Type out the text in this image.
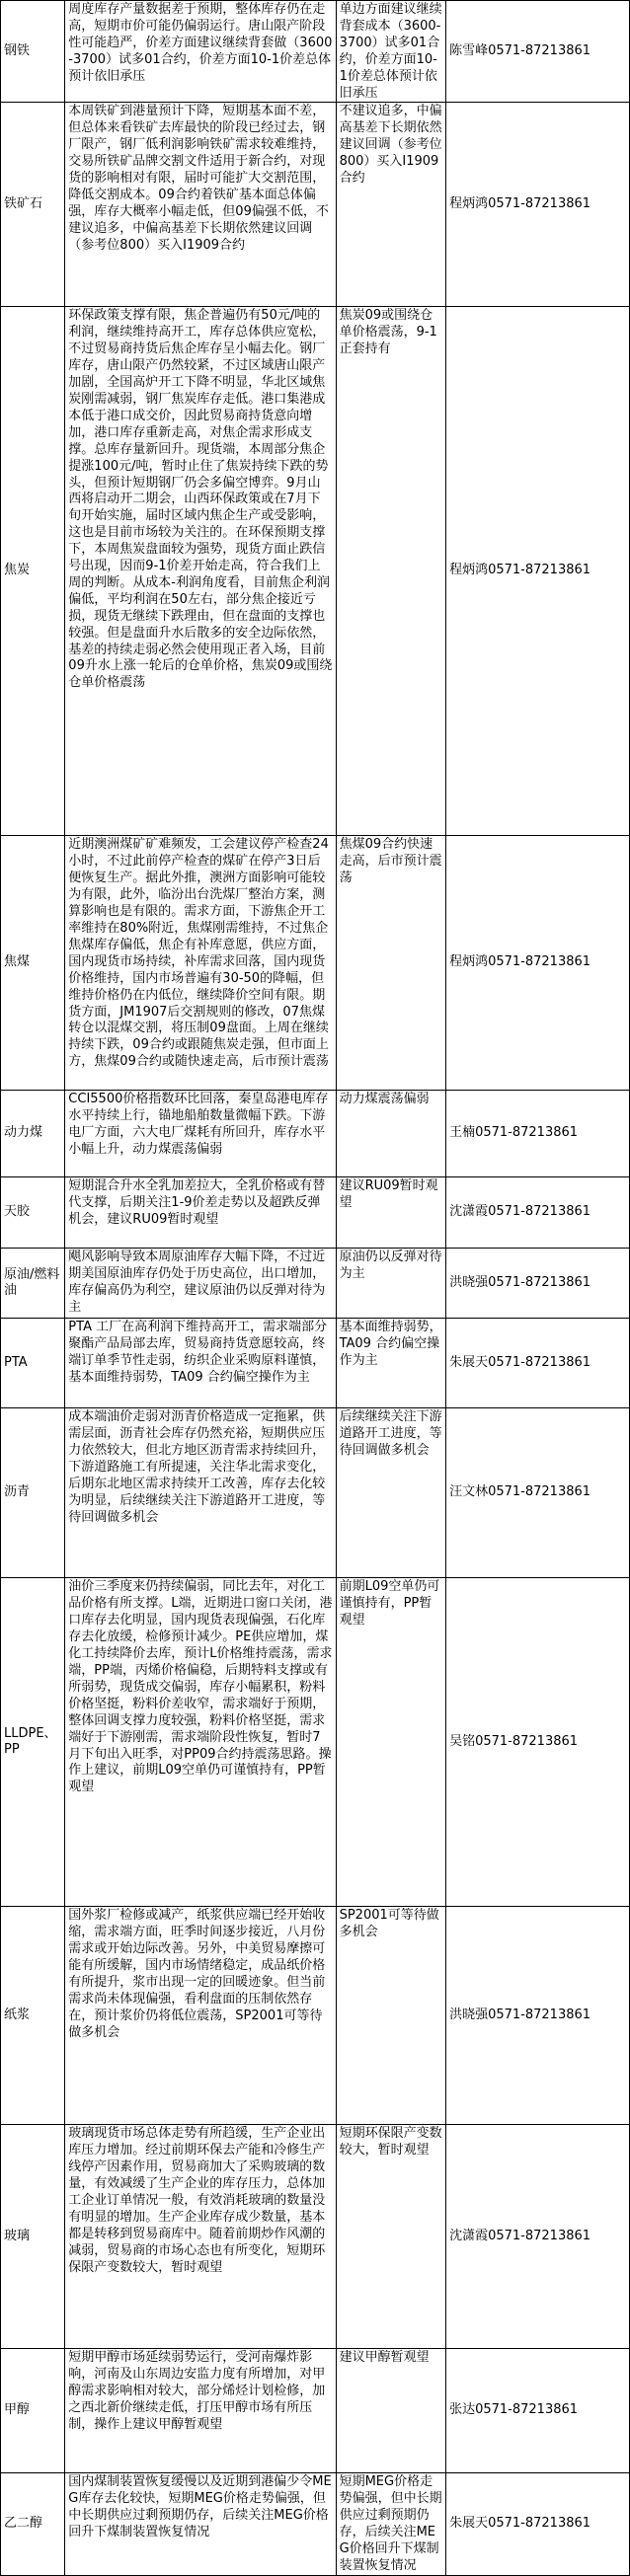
钢铁	周度库存产量数据差于预期，整体库存仍在走高，短期市价可能仍偏弱运行。唐山限产阶段性可能趋严，价差方面建议继续背套做（3600-3700）试多01合约，价差方面10-1价差总体预计依旧承压	单边方面建议继续背套成本（3600-3700）试多01合约，价差方面10-1价差总体预计依旧承压	陈雪峰0571-87213861
铁矿石	本周铁矿到港量预计下降，短期基本面不差，但总体来看铁矿去库最快的阶段已经过去，钢厂限产，钢厂低利润影响铁矿需求较难维持，交易所铁矿品牌交割文件适用于新合约，对现货的影响相对有限，届时可能扩大交割范围，降低交割成本。09合约着铁矿基本面总体偏强，库存大概率小幅走低，但09偏强不低，不建议追多，中偏高基差下长期依然建议回调（参考位800）买入I1909合约	不建议追多，中偏高基差下长期依然建议回调（参考位800）买入I1909合约	程炳鸿0571-87213861
焦炭	环保政策支撑有限，焦企普遍仍有50元/吨的利润，继续维持高开工，库存总体供应宽松，不过贸易商持货后焦企库存呈小幅去化。钢厂库存，唐山限产仍然较紧，不过区域唐山限产加剧，全国高炉开工下降不明显，华北区域焦炭刚需减弱，钢厂焦炭库存走低。港口集港成本低于港口成交价，因此贸易商持货意向增加，港口库存重新走高，对焦企需求形成支撑。总库存量新回升。现货端，本周部分焦企提涨100元/吨，暂时止住了焦炭持续下跌的势头，但预计短期钢厂仍会多偏空博弈。9月山西将启动开二期会，山西环保政策或在7月下旬开始实施，届时区域内焦企生产或受影响，这也是目前市场较为关注的。在环保预期支撑下，本周焦炭盘面较为强势，现货方面止跌信号出现，因而9-1价差开始走高，符合我们上周的判断。从成本-利润角度看，目前焦企利润偏低，平均利润在50左右，部分焦企接近亏损，现货无继续下跌理由，但在盘面的支撑也较强。但是盘面升水后散多的安全边际依然，基差的持续走弱必然会使用现正者入场，目前09升水上涨一轮后的仓单价格，焦炭09或围绕仓单价格震荡	焦炭09或围绕仓单价格震荡，9-1正套持有	程炳鸿0571-87213861
焦煤	近期澳洲煤矿矿难频发，工会建议停产检查24小时，不过此前停产检查的煤矿在停产3日后便恢复生产。据此外推，澳洲方面影响可能较为有限，此外，临汾出台洗煤厂整治方案，测算影响也是有限的。需求方面，下游焦企开工率维持在80%附近，焦煤刚需维持，不过焦企焦煤库存偏低，焦企有补库意愿，供应方面，国内现货市场持续，补库需求回落，国内现货价格维持，国内市场普遍有30-50的降幅，但维持价格仍在内低位，继续降价空间有限。期货方面，JM1907后交割规则的修改，07焦煤转仓以混煤交割，将压制09盘面。上周在继续持续下跌，09合约或跟随焦炭走强，但市面上方，焦煤09合约或随快速走高，后市预计震荡	焦煤09合约快速走高，后市预计震荡	程炳鸿0571-87213861
动力煤	CCI5500价格指数环比回落，秦皇岛港电库存水平持续上行，锚地船舶数量微幅下跌。下游电厂方面，六大电厂煤耗有所回升，库存水平小幅上升，动力煤震荡偏弱	动力煤震荡偏弱	王楠0571-87213861
天胶	短期混合升水全乳加差拉大，全乳价格或有替代支撑，后期关注1-9价差走势以及超跌反弹机会，建议RU09暂时观望	建议RU09暂时观望	沈潇霞0571-87213861
原油/燃料油	飓风影响导致本周原油库存大幅下降，不过近期美国原油库存仍处于历史高位，出口增加，库存偏高仍为利空，建议原油仍以反弹对待为主	原油仍以反弹对待为主	洪晓强0571-87213861
PTA	PTA 工厂在高利润下维持高开工，需求端部分聚酯产品局部去库，贸易商持货意愿较高，终端订单季节性走弱，纺织企业采购原料谨慎，基本面维持弱势，TA09 合约偏空操作为主	基本面维持弱势，TA09 合约偏空操作为主	朱展天0571-87213861
沥青	成本端油价走弱对沥青价格造成一定拖累，供需层面，沥青社会库存仍然充裕，短期供应压力依然较大，但北方地区沥青需求持续回升，下游道路施工有所提速，关注华北需求变化，后期东北地区需求持续开工改善，库存去化较为明显，后续继续关注下游道路开工进度，等待回调做多机会	后续继续关注下游道路开工进度，等待回调做多机会	汪文林0571-87213861
LLDPE、PP	油价三季度来仍持续偏弱，同比去年，对化工品价格有所支撑。L端，近期进口窗口关闭，港口库存去化明显，国内现货表现偏强，石化库存去化放缓，检修预计减少。PE供应增加，煤化工持续降价去库，预计L价格维持震荡，需求端，PP端，丙烯价格偏稳，后期特料支撑或有所弱势，现货成交偏弱，库存小幅累积，粉料价格坚挺，粉料价差收窄，需求端好于预期，整体回调支撑力度较强，粉料价格坚挺，需求端好于下游刚需，需求端阶段性恢复，暂时7月下旬出入旺季，对PP09合约持震荡思路。操作上建议，前期L09空单仍可谨慎持有，PP暂观望	前期L09空单仍可谨慎持有，PP暂观望	吴铭0571-87213861
纸浆	国外浆厂检修或减产，纸浆供应端已经开始收缩，需求端方面，旺季时间逐步接近，八月份需求或开始边际改善。另外，中美贸易摩擦可能有所缓解，国内市场情绪稳定，成品纸价格有所提升，浆市出现一定的回暖迹象。但当前需求尚未体现偏强，看利盘面的压制依然存在，预计浆价仍将低位震荡，SP2001可等待做多机会	SP2001可等待做多机会	洪晓强0571-87213861
玻璃	玻璃现货市场总体走势有所趋缓，生产企业出库压力增加。经过前期环保去产能和冷修生产线停产因素作用，贸易商加大了采购玻璃的数量，有效减缓了生产企业的库存压力，总体加工企业订单情况一般，有效消耗玻璃的数量没有明显的增加。生产企业库存成少数量，基本都是转移到贸易商库中。随着前期炒作风潮的减弱，贸易商的市场心态也有所变化，短期环保限产变数较大，暂时观望	短期环保限产变数较大，暂时观望	沈潇霞0571-87213861
甲醇	短期甲醇市场延续弱势运行，受河南爆炸影响，河南及山东周边安监力度有所增加，对甲醇需求影响相对较大，部分烯烃计划检修，加之西北新价继续走低，打压甲醇市场有所压制，操作上建议甲醇暂观望	建议甲醇暂观望	张达0571-87213861
乙二醇	国内煤制装置恢复缓慢以及近期到港偏少令MEG库存去化较快，短期MEG价格走势偏强，但中长期供应过剩预期仍存，后续关注MEG价格回升下煤制装置恢复情况	短期MEG价格走势偏强，但中长期供应过剩预期仍存，后续关注MEG价格回升下煤制装置恢复情况	朱展天0571-87213861
